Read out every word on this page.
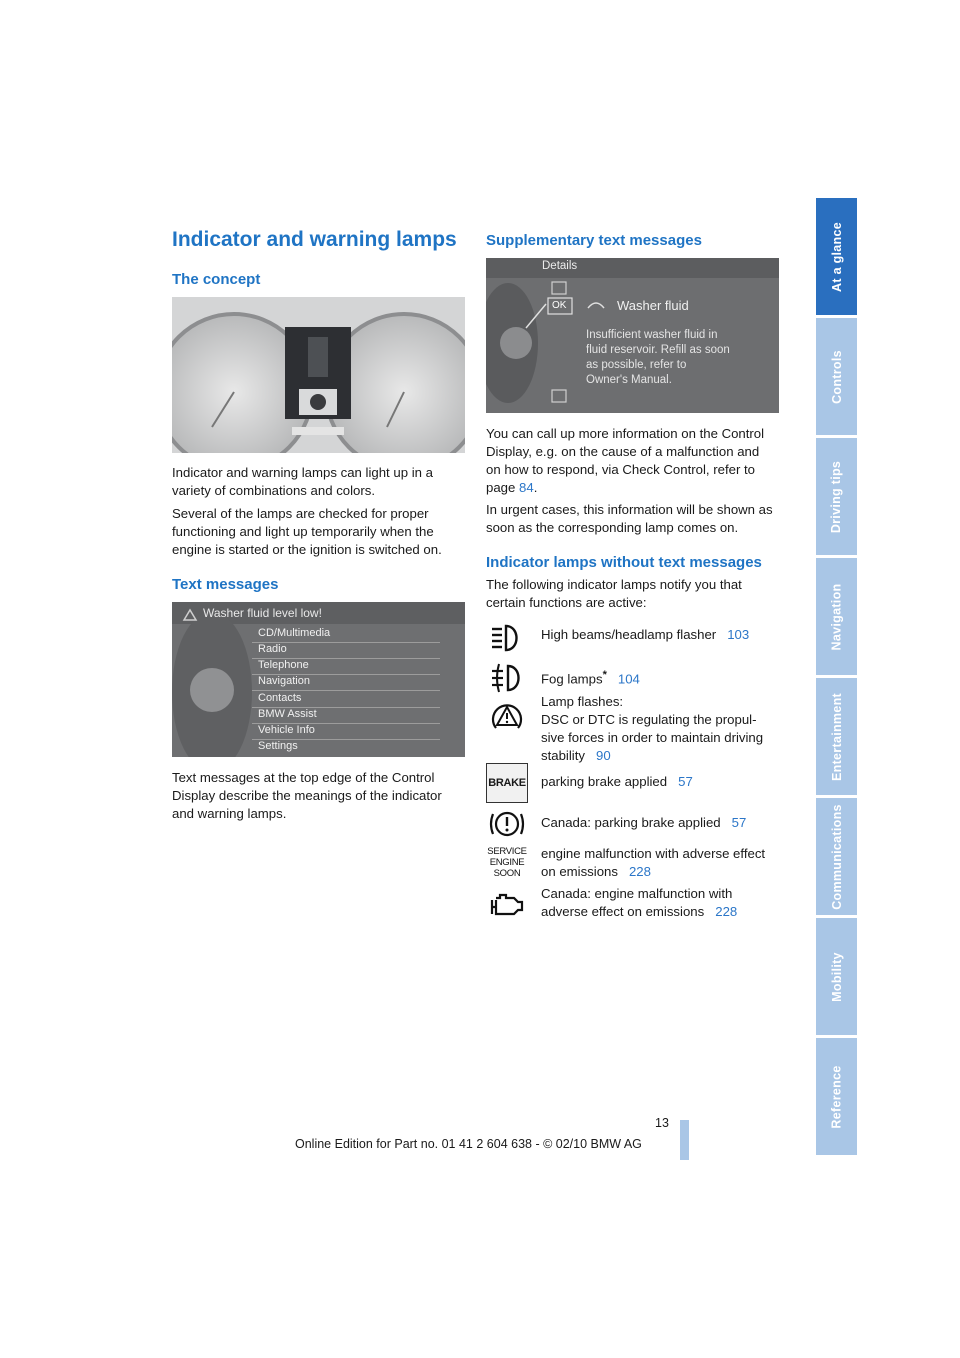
At a glance
Controls
Driving tips
Navigation
Entertainment
Communications
Mobility
Reference
Indicator and warning lamps
The concept

Indicator and warning lamps can light up in a variety of combinations and colors.

Several of the lamps are checked for proper functioning and light up temporarily when the engine is started or the ignition is switched on.

Text messages
Washer fluid level low!
CD/Multimedia
Radio
Telephone
Navigation
Contacts
BMW Assist
Vehicle Info
Settings

Text messages at the top edge of the Control Display describe the meanings of the indicator and warning lamps.

Supplementary text messages
Details
OK	Washer fluid
Insufficient washer fluid in
fluid reservoir. Refill as soon
as possible, refer to
Owner's Manual.
You can call up more information on the Control
Display, e.g. on the cause of a malfunction and
on how to respond, via Check Control, refer to
page 84.

In urgent cases, this information will be shown as soon as the corresponding lamp comes on.

Indicator lamps without text messages

The following indicator lamps notify you that certain functions are active:

High beams/headlamp flasher 103
Fog lamps* 104
Lamp flashes:
DSC or DTC is regulating the propul-
sive forces in order to maintain driving
stability 90
BRAKE parking brake applied 57
Canada: parking brake applied 57
SERVICE
ENGINE
SOON
engine malfunction with adverse effect
on emissions 228
Canada: engine malfunction with
adverse effect on emissions 228
13
Online Edition for Part no. 01 41 2 604 638 - © 02/10 BMW AG
